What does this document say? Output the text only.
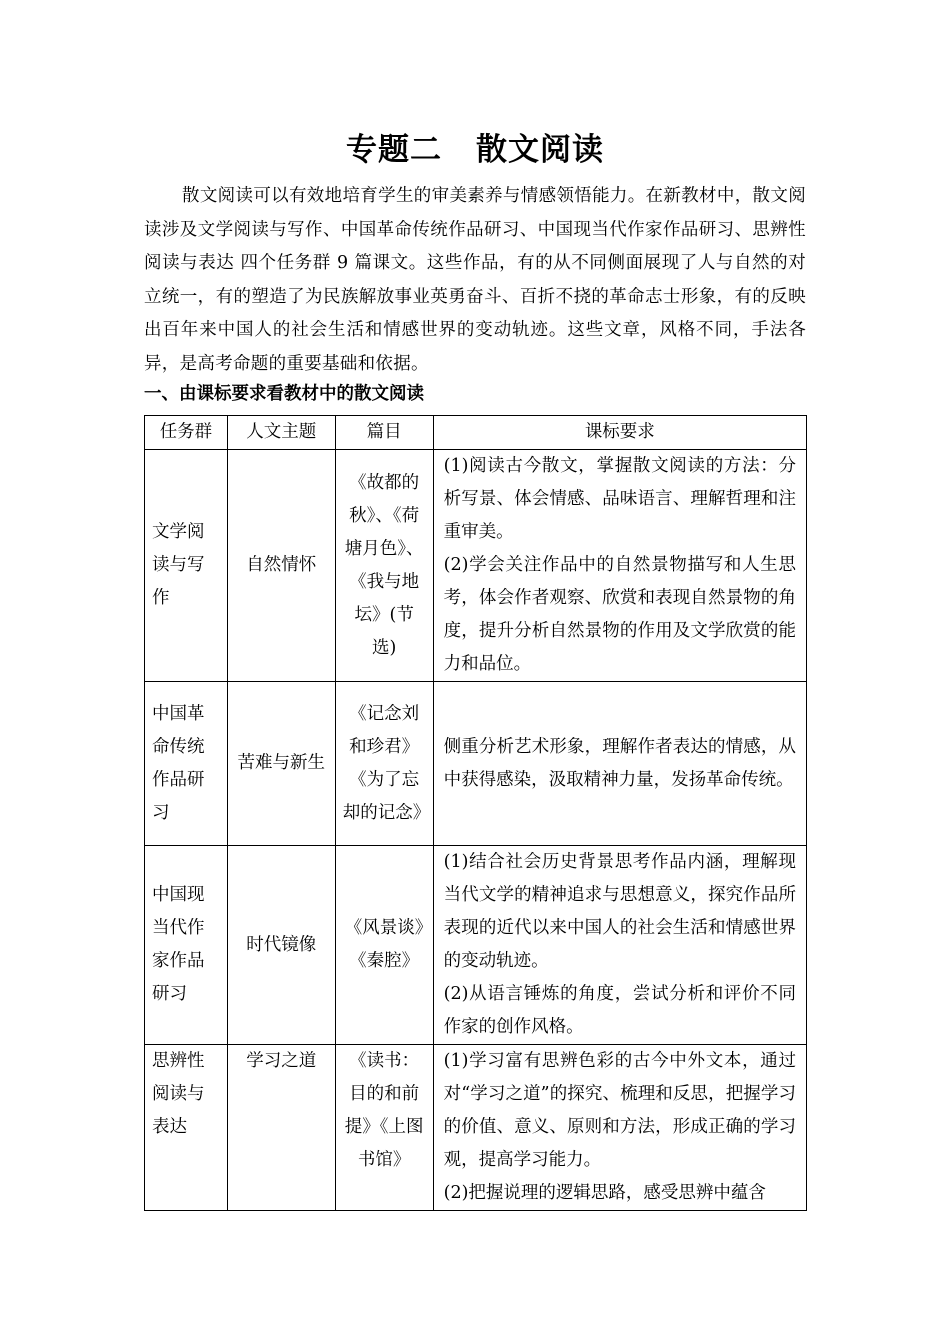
专题二 散文阅读
散文阅读可以有效地培育学生的审美素养与情感领悟能力。在新教材中，散文阅读涉及文学阅读与写作、中国革命传统作品研习、中国现当代作家作品研习、思辨性阅读与表达 四个任务群 9 篇课文。这些作品，有的从不同侧面展现了人与自然的对立统一，有的塑造了为民族解放事业英勇奋斗、百折不挠的革命志士形象，有的反映出百年来中国人的社会生活和情感世界的变动轨迹。这些文章，风格不同，手法各异，是高考命题的重要基础和依据。
一、由课标要求看教材中的散文阅读
任务群	人文主题	篇目	课标要求
文学阅读与写作	自然情怀	《故都的秋》、《荷塘月色》、《我与地坛》(节选)	(1)阅读古今散文，掌握散文阅读的方法：分析写景、体会情感、品味语言、理解哲理和注重审美。

(2)学会关注作品中的自然景物描写和人生思考，体会作者观察、欣赏和表现自然景物的角度，提升分析自然景物的作用及文学欣赏的能力和品位。

中国革命传统作品研习	苦难与新生	《记念刘和珍君》《为了忘却的记念》	侧重分析艺术形象，理解作者表达的情感，从中获得感染，汲取精神力量，发扬革命传统。

中国现当代作家作品研习	时代镜像	《风景谈》《秦腔》	(1)结合社会历史背景思考作品内涵，理解现当代文学的精神追求与思想意义，探究作品所表现的近代以来中国人的社会生活和情感世界的变动轨迹。

(2)从语言锤炼的角度，尝试分析和评价不同作家的创作风格。

思辨性阅读与表达	学习之道	《读书：目的和前提》《上图书馆》	(1)学习富有思辨色彩的古今中外文本，通过对“学习之道”的探究、梳理和反思，把握学习的价值、意义、原则和方法，形成正确的学习观，提高学习能力。

(2)把握说理的逻辑思路，感受思辨中蕴含
